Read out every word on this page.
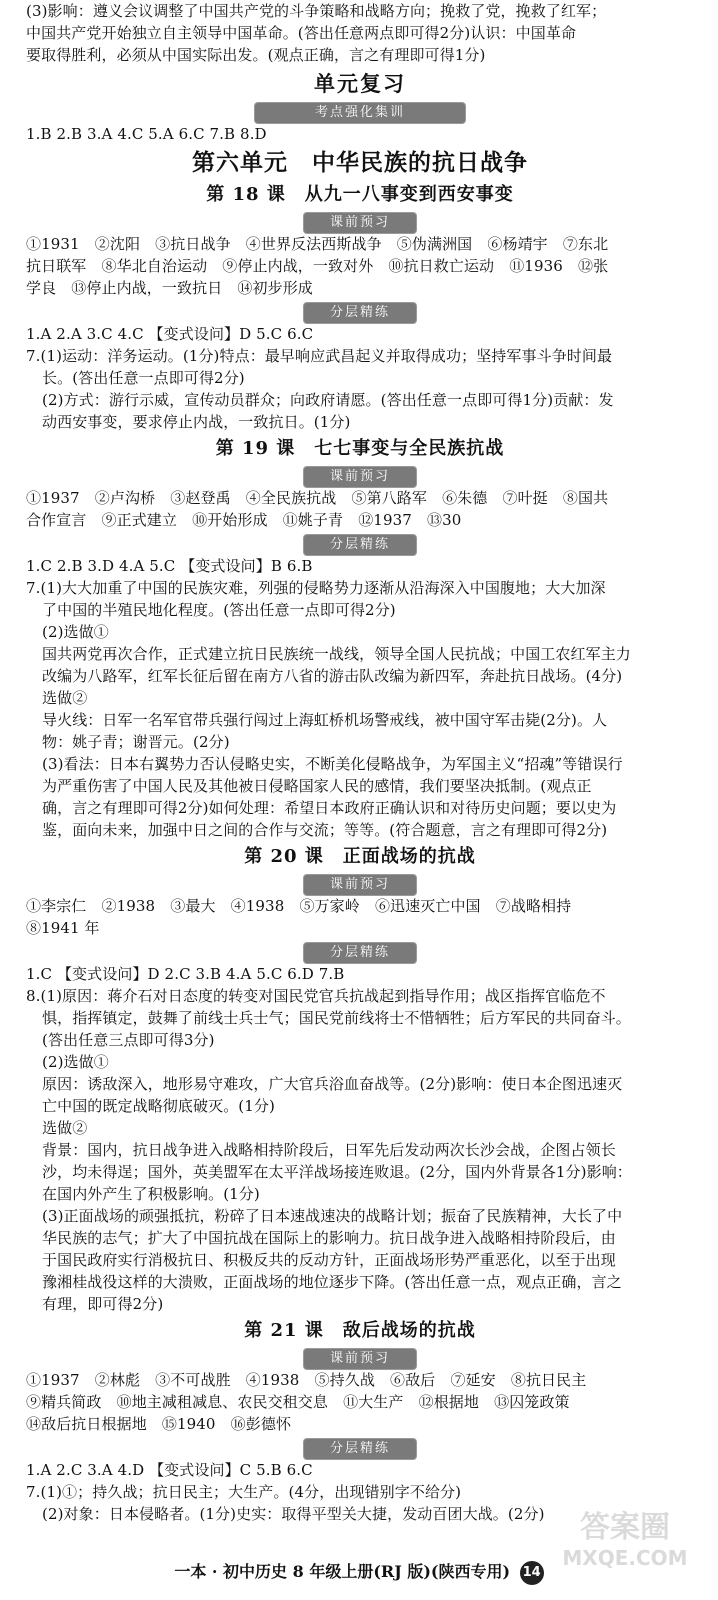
(3)影响：遵义会议调整了中国共产党的斗争策略和战略方向；挽救了党，挽救了红军；

中国共产党开始独立自主领导中国革命。(答出任意两点即可得2分)认识：中国革命

要取得胜利，必须从中国实际出发。(观点正确，言之有理即可得1分)

单元复习
考点强化集训

1.B 2.B 3.A 4.C 5.A 6.C 7.B 8.D

第六单元　中华民族的抗日战争
第 18 课　从九一八事变到西安事变
课前预习

①1931　②沈阳　③抗日战争　④世界反法西斯战争　⑤伪满洲国　⑥杨靖宇　⑦东北

抗日联军　⑧华北自治运动　⑨停止内战，一致对外　⑩抗日救亡运动　⑪1936　⑫张

学良　⑬停止内战，一致抗日　⑭初步形成

分层精练

1.A 2.A 3.C 4.C 【变式设问】D 5.C 6.C

7.(1)运动：洋务运动。(1分)特点：最早响应武昌起义并取得成功；坚持军事斗争时间最

长。(答出任意一点即可得2分)

(2)方式：游行示威，宣传动员群众；向政府请愿。(答出任意一点即可得1分)贡献：发

动西安事变，要求停止内战，一致抗日。(1分)

第 19 课　七七事变与全民族抗战
课前预习

①1937　②卢沟桥　③赵登禹　④全民族抗战　⑤第八路军　⑥朱德　⑦叶挺　⑧国共

合作宣言　⑨正式建立　⑩开始形成　⑪姚子青　⑫1937　⑬30

分层精练

1.C 2.B 3.D 4.A 5.C 【变式设问】B 6.B

7.(1)大大加重了中国的民族灾难，列强的侵略势力逐渐从沿海深入中国腹地；大大加深

了中国的半殖民地化程度。(答出任意一点即可得2分)

(2)选做①

国共两党再次合作，正式建立抗日民族统一战线，领导全国人民抗战；中国工农红军主力

改编为八路军，红军长征后留在南方八省的游击队改编为新四军，奔赴抗日战场。(4分)

选做②

导火线：日军一名军官带兵强行闯过上海虹桥机场警戒线，被中国守军击毙(2分)。人

物：姚子青；谢晋元。(2分)

(3)看法：日本右翼势力否认侵略史实，不断美化侵略战争，为军国主义“招魂”等错误行

为严重伤害了中国人民及其他被日侵略国家人民的感情，我们要坚决抵制。(观点正

确，言之有理即可得2分)如何处理：希望日本政府正确认识和对待历史问题；要以史为

鉴，面向未来，加强中日之间的合作与交流；等等。(符合题意，言之有理即可得2分)

第 20 课　正面战场的抗战
课前预习

①李宗仁　②1938　③最大　④1938　⑤万家岭　⑥迅速灭亡中国　⑦战略相持

⑧1941 年

分层精练

1.C 【变式设问】D 2.C 3.B 4.A 5.C 6.D 7.B

8.(1)原因：蒋介石对日态度的转变对国民党官兵抗战起到指导作用；战区指挥官临危不

惧，指挥镇定，鼓舞了前线士兵士气；国民党前线将士不惜牺牲；后方军民的共同奋斗。

(答出任意三点即可得3分)

(2)选做①

原因：诱敌深入，地形易守难攻，广大官兵浴血奋战等。(2分)影响：使日本企图迅速灭

亡中国的既定战略彻底破灭。(1分)

选做②

背景：国内，抗日战争进入战略相持阶段后，日军先后发动两次长沙会战，企图占领长

沙，均未得逞；国外，英美盟军在太平洋战场接连败退。(2分，国内外背景各1分)影响：

在国内外产生了积极影响。(1分)

(3)正面战场的顽强抵抗，粉碎了日本速战速决的战略计划；振奋了民族精神，大长了中

华民族的志气；扩大了中国抗战在国际上的影响力。抗日战争进入战略相持阶段后，由

于国民政府实行消极抗日、积极反共的反动方针，正面战场形势严重恶化，以至于出现

豫湘桂战役这样的大溃败，正面战场的地位逐步下降。(答出任意一点，观点正确，言之

有理，即可得2分)

第 21 课　敌后战场的抗战
课前预习

①1937　②林彪　③不可战胜　④1938　⑤持久战　⑥敌后　⑦延安　⑧抗日民主

⑨精兵简政　⑩地主减租减息、农民交租交息　⑪大生产　⑫根据地　⑬囚笼政策

⑭敌后抗日根据地　⑮1940　⑯彭德怀

分层精练

1.A 2.C 3.A 4.D 【变式设问】C 5.B 6.C

7.(1)①；持久战；抗日民主；大生产。(4分，出现错别字不给分)

(2)对象：日本侵略者。(1分)史实：取得平型关大捷，发动百团大战。(2分)	答案圈
MXQE.COM
一本 · 初中历史 8 年级上册(RJ 版)(陕西专用) 14
